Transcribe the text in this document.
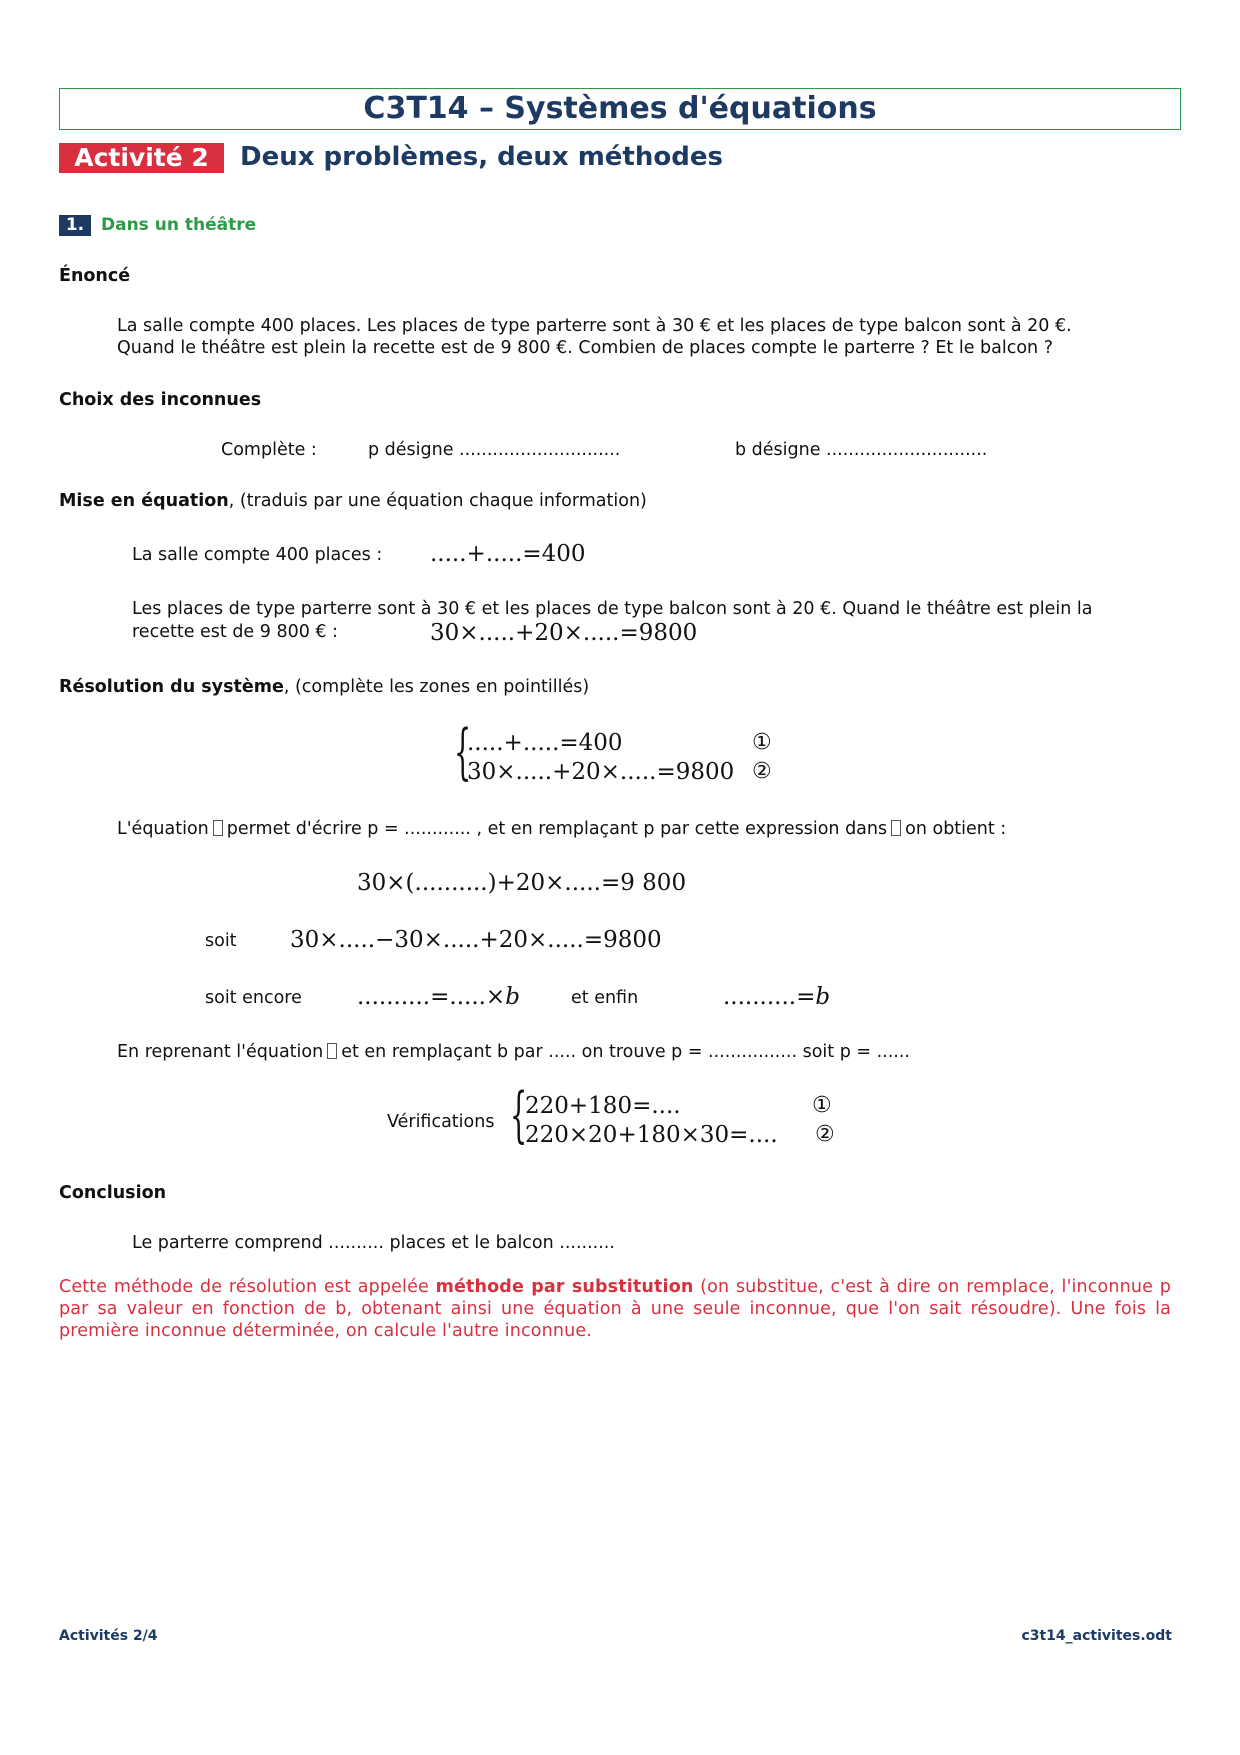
C3T14 – Systèmes d'équations
Activité 2	Deux problèmes, deux méthodes
1. Dans un théâtre
Énoncé
La salle compte 400 places. Les places de type parterre sont à 30 € et les places de type balcon sont à 20 €.
Quand le théâtre est plein la recette est de 9 800 €. Combien de places compte le parterre ? Et le balcon ?
Choix des inconnues
Complète :	p désigne .............................	b désigne .............................
Mise en équation, (traduis par une équation chaque information)
La salle compte 400 places : .....+.....=400
Les places de type parterre sont à 30 € et les places de type balcon sont à 20 €. Quand le théâtre est plein la
recette est de 9 800 € :	30×.....+20×.....=9800
Résolution du système, (complète les zones en pointillés)
{
.....+.....=400
30×.....+20×.....=9800
①
②
L'équation permet d'écrire p = ............ , et en remplaçant p par cette expression dans on obtient :
30×(..........)+20×.....=9 800
soit 30×.....−30×.....+20×.....=9800
soit encore ..........=.....×b	et enfin	..........=b
En reprenant l'équation et en remplaçant b par ..... on trouve p = ................ soit p = ......
Vérifications {
220+180=....
220×20+180×30=....
①
②
Conclusion
Le parterre comprend .......... places et le balcon ..........
Cette méthode de résolution est appelée méthode par substitution (on substitue, c'est à dire on remplace, l'inconnue p par sa valeur en fonction de b, obtenant ainsi une équation à une seule inconnue, que l'on sait résoudre). Une fois la première inconnue déterminée, on calcule l'autre inconnue.
Activités 2/4	c3t14_activites.odt
